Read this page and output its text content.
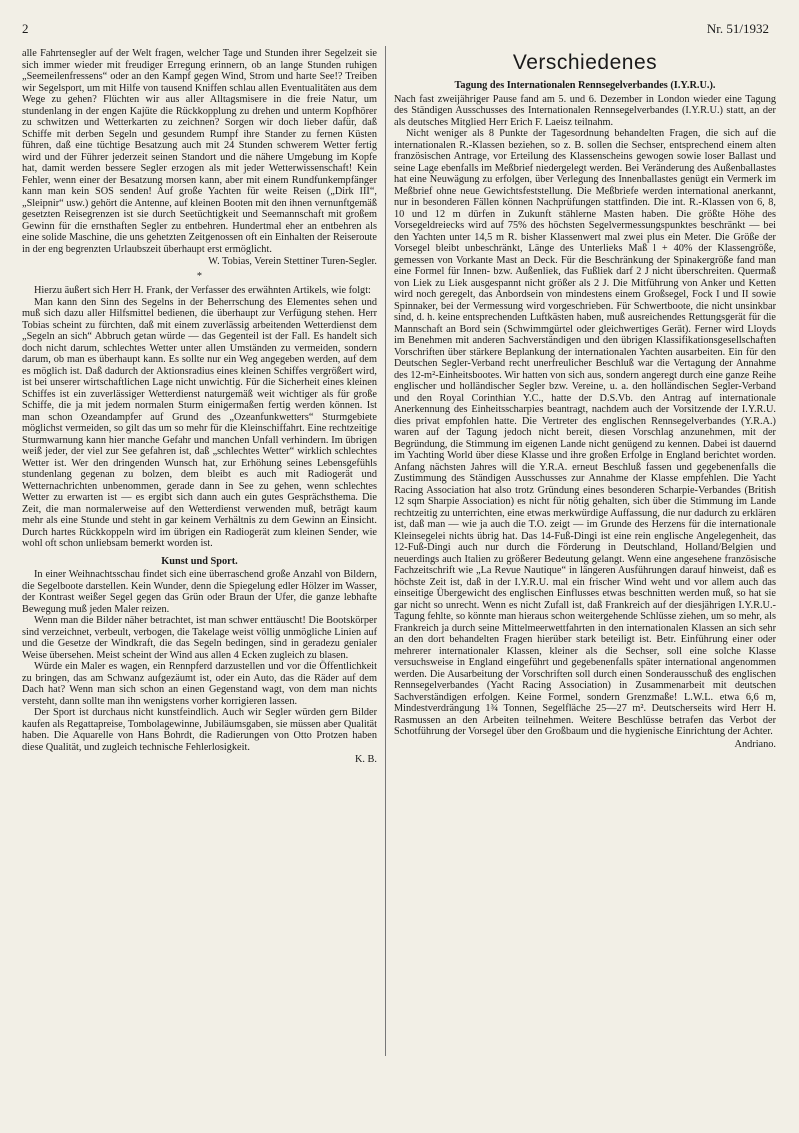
2	Nr. 51/1932

alle Fahrtensegler auf der Welt fragen, welcher Tage und Stunden ihrer Segelzeit sie sich immer wieder mit freudiger Erregung erinnern, ob an lange Stunden ruhigen „Seemeilenfressens“ oder an den Kampf gegen Wind, Strom und harte See!? Treiben wir Segelsport, um mit Hilfe von tausend Kniffen schlau allen Eventualitäten aus dem Wege zu gehen? Flüchten wir aus aller Alltagsmisere in die freie Natur, um stundenlang in der engen Kajüte die Rückkopplung zu drehen und unterm Kopfhörer zu schwitzen und Wetterkarten zu zeichnen? Sorgen wir doch lieber dafür, daß Schiffe mit derben Segeln und gesundem Rumpf ihre Stander zu fernen Küsten führen, daß eine tüchtige Besatzung auch mit 24 Stunden schwerem Wetter fertig wird und der Führer jederzeit seinen Standort und die nähere Umgebung im Kopfe hat, damit werden bessere Segler erzogen als mit jeder Wetterwissenschaft! Kein Fehler, wenn einer der Besatzung morsen kann, aber mit einem Rundfunkempfänger kann man kein SOS senden! Auf große Yachten für weite Reisen („Dirk III“, „Sleipnir“ usw.) gehört die Antenne, auf kleinen Booten mit den ihnen vernunftgemäß gesetzten Reisegrenzen ist sie durch Seetüchtigkeit und Seemannschaft mit großem Gewinn für die ernsthaften Segler zu entbehren. Hundertmal eher an entbehren als eine solide Maschine, die uns gehetzten Zeitgenossen oft ein Einhalten der Reiseroute in der eng begrenzten Urlaubszeit überhaupt erst ermöglicht.

W. Tobias, Verein Stettiner Turen-Segler.
*

Hierzu äußert sich Herr H. Frank, der Verfasser des erwähnten Artikels, wie folgt:

Man kann den Sinn des Segelns in der Beherrschung des Elementes sehen und muß sich dazu aller Hilfsmittel bedienen, die überhaupt zur Verfügung stehen. Herr Tobias scheint zu fürchten, daß mit einem zuverlässig arbeitenden Wetterdienst dem „Segeln an sich“ Abbruch getan würde — das Gegenteil ist der Fall. Es handelt sich doch nicht darum, schlechtes Wetter unter allen Umständen zu vermeiden, sondern darum, ob man es überhaupt kann. Es sollte nur ein Weg angegeben werden, auf dem es möglich ist. Daß dadurch der Aktionsradius eines kleinen Schiffes vergrößert wird, ist bei unserer wirtschaftlichen Lage nicht unwichtig. Für die Sicherheit eines kleinen Schiffes ist ein zuverlässiger Wetterdienst naturgemäß weit wichtiger als für große Schiffe, die ja mit jedem normalen Sturm einigermaßen fertig werden können. Ist man schon Ozeandampfer auf Grund des „Ozeanfunkwetters“ Sturmgebiete möglichst vermeiden, so gilt das um so mehr für die Kleinschiffahrt. Eine rechtzeitige Sturmwarnung kann hier manche Gefahr und manchen Unfall verhindern. Im übrigen weiß jeder, der viel zur See gefahren ist, daß „schlechtes Wetter“ wirklich schlechtes Wetter ist. Wer den dringenden Wunsch hat, zur Erhöhung seines Lebensgefühls stundenlang gegenan zu bolzen, dem bleibt es auch mit Radiogerät und Wetternachrichten unbenommen, gerade dann in See zu gehen, wenn schlechtes Wetter zu erwarten ist — es ergibt sich dann auch ein gutes Gesprächsthema. Die Zeit, die man normalerweise auf den Wetterdienst verwenden muß, beträgt kaum mehr als eine Stunde und steht in gar keinem Verhältnis zu dem Gewinn an Einsicht. Durch hartes Rückkoppeln wird im übrigen ein Radiogerät zum kleinen Sender, wie wohl oft schon unliebsam bemerkt worden ist.

Kunst und Sport.

In einer Weihnachtsschau findet sich eine überraschend große Anzahl von Bildern, die Segelboote darstellen. Kein Wunder, denn die Spiegelung edler Hölzer im Wasser, der Kontrast weißer Segel gegen das Grün oder Braun der Ufer, die ganze lebhafte Bewegung muß jeden Maler reizen.

Wenn man die Bilder näher betrachtet, ist man schwer enttäuscht! Die Bootskörper sind verzeichnet, verbeult, verbogen, die Takelage weist völlig unmögliche Linien auf und die Gesetze der Windkraft, die das Segeln bedingen, sind in geradezu genialer Weise übersehen. Meist scheint der Wind aus allen 4 Ecken zugleich zu blasen.

Würde ein Maler es wagen, ein Rennpferd darzustellen und vor die Öffentlichkeit zu bringen, das am Schwanz aufgezäumt ist, oder ein Auto, das die Räder auf dem Dach hat? Wenn man sich schon an einen Gegenstand wagt, von dem man nichts versteht, dann sollte man ihn wenigstens vorher korrigieren lassen.

Der Sport ist durchaus nicht kunstfeindlich. Auch wir Segler würden gern Bilder kaufen als Regattapreise, Tombolagewinne, Jubiläumsgaben, sie müssen aber Qualität haben. Die Aquarelle von Hans Bohrdt, die Radierungen von Otto Protzen haben diese Qualität, und zugleich technische Fehlerlosigkeit.

K. B.
Verschiedenes
Tagung des Internationalen Rennsegelverbandes (I.Y.R.U.).

Nach fast zweijähriger Pause fand am 5. und 6. Dezember in London wieder eine Tagung des Ständigen Ausschusses des Internationalen Rennsegelverbandes (I.Y.R.U.) statt, an der als deutsches Mitglied Herr Erich F. Laeisz teilnahm.

Nicht weniger als 8 Punkte der Tagesordnung behandelten Fragen, die sich auf die internationalen R.-Klassen beziehen, so z. B. sollen die Sechser, entsprechend einem alten französischen Antrage, vor Erteilung des Klassenscheins gewogen sowie loser Ballast und seine Lage ebenfalls im Meßbrief niedergelegt werden. Bei Veränderung des Außenballastes hat eine Neuwägung zu erfolgen, über Verlegung des Innenballastes genügt ein Vermerk im Meßbrief ohne neue Gewichtsfeststellung. Die Meßbriefe werden international anerkannt, nur in besonderen Fällen können Nachprüfungen stattfinden. Die int. R.-Klassen von 6, 8, 10 und 12 m dürfen in Zukunft stählerne Masten haben. Die größte Höhe des Vorsegeldreiecks wird auf 75% des höchsten Segelvermessungspunktes beschränkt — bei den Yachten unter 14,5 m R. bisher Klassenwert mal zwei plus ein Meter. Die Größe der Vorsegel bleibt unbeschränkt, Länge des Unterlieks Maß l + 40% der Klassengröße, gemessen von Vorkante Mast an Deck. Für die Beschränkung der Spinakergröße fand man eine Formel für Innen- bzw. Außenliek, das Fußliek darf 2 J nicht überschreiten. Quermaß von Liek zu Liek ausgespannt nicht größer als 2 J. Die Mitführung von Anker und Ketten wird noch geregelt, das Anbordsein von mindestens einem Großsegel, Fock I und II sowie Spinnaker, bei der Vermessung wird vorgeschrieben. Für Schwertboote, die nicht unsinkbar sind, d. h. keine entsprechenden Luftkästen haben, muß ausreichendes Rettungsgerät für die Mannschaft an Bord sein (Schwimmgürtel oder gleichwertiges Gerät). Ferner wird Lloyds im Benehmen mit anderen Sachverständigen und den übrigen Klassifikationsgesellschaften Vorschriften über stärkere Beplankung der internationalen Yachten ausarbeiten. Ein für den Deutschen Segler-Verband recht unerfreulicher Beschluß war die Vertagung der Annahme des 12-m²-Einheitsbootes. Wir hatten von sich aus, sondern angeregt durch eine ganze Reihe englischer und holländischer Segler bzw. Vereine, u. a. den holländischen Segler-Verband und den Royal Corinthian Y.C., hatte der D.S.Vb. den Antrag auf internationale Anerkennung des Einheitsscharpies beantragt, nachdem auch der Vorsitzende der I.Y.R.U. dies privat empfohlen hatte. Die Vertreter des englischen Rennsegelverbandes (Y.R.A.) waren auf der Tagung jedoch nicht bereit, diesen Vorschlag anzunehmen, mit der Begründung, die Stimmung im eigenen Lande nicht genügend zu kennen. Dabei ist dauernd im Yachting World über diese Klasse und ihre großen Erfolge in England berichtet worden. Anfang nächsten Jahres will die Y.R.A. erneut Beschluß fassen und gegebenenfalls die Zustimmung des Ständigen Ausschusses zur Annahme der Klasse empfehlen. Die Yacht Racing Association hat also trotz Gründung eines besonderen Scharpie-Verbandes (British 12 sqm Sharpie Association) es nicht für nötig gehalten, sich über die Stimmung im Lande rechtzeitig zu unterrichten, eine etwas merkwürdige Auffassung, die nur dadurch zu erklären ist, daß man — wie ja auch die T.O. zeigt — im Grunde des Herzens für die internationale Kleinsegelei nichts übrig hat. Das 14-Fuß-Dingi ist eine rein englische Angelegenheit, das 12-Fuß-Dingi auch nur durch die Förderung in Deutschland, Holland/Belgien und neuerdings auch Italien zu größerer Bedeutung gelangt. Wenn eine angesehene französische Fachzeitschrift wie „La Revue Nautique“ in längeren Ausführungen darauf hinweist, daß es höchste Zeit ist, daß in der I.Y.R.U. mal ein frischer Wind weht und vor allem auch das einseitige Übergewicht des englischen Einflusses etwas beschnitten werden muß, so hat sie gar nicht so unrecht. Wenn es nicht Zufall ist, daß Frankreich auf der diesjährigen I.Y.R.U.-Tagung fehlte, so könnte man hieraus schon weitergehende Schlüsse ziehen, um so mehr, als Frankreich ja durch seine Mittelmeerwettfahrten in den internationalen Klassen an sich sehr an den dort behandelten Fragen hierüber stark beteiligt ist. Betr. Einführung einer oder mehrerer internationaler Klassen, kleiner als die Sechser, soll eine solche Klasse versuchsweise in England eingeführt und gegebenenfalls später international angenommen werden. Die Ausarbeitung der Vorschriften soll durch einen Sonderausschuß des englischen Rennsegelverbandes (Yacht Racing Association) in Zusammenarbeit mit deutschen Sachverständigen erfolgen. Keine Formel, sondern Grenzmaße! L.W.L. etwa 6,6 m, Mindestverdrängung 1¾ Tonnen, Segelfläche 25—27 m². Deutscherseits wird Herr H. Rasmussen an den Arbeiten teilnehmen. Weitere Beschlüsse betrafen das Verbot der Schotführung der Vorsegel über den Großbaum und die hygienische Einrichtung der Achter.

Andriano.
